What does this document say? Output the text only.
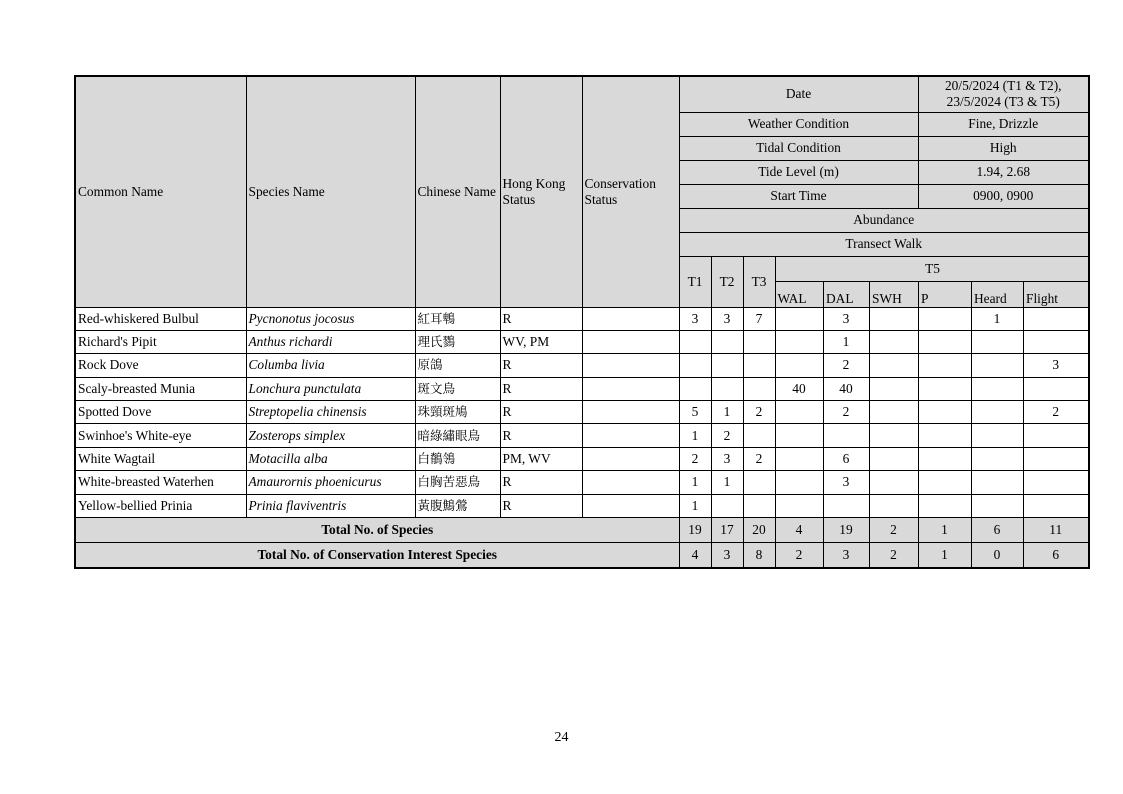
Common Name	Species Name	Chinese Name	Hong Kong Status	Conservation Status	Date	20/5/2024 (T1 & T2), 23/5/2024 (T3 & T5)
Weather Condition	Fine, Drizzle
Tidal Condition	High
Tide Level (m)	1.94, 2.68
Start Time	0900, 0900
Abundance
Transect Walk
T1	T2	T3	
T5
WAL	DAL	SWH	P	Heard	Flight

Red-whiskered Bulbul	Pycnonotus jocosus	紅耳鵯	R		3	3	7		3			1	
Richard's Pipit	Anthus richardi	理氏鷚	WV, PM						1				
Rock Dove	Columba livia	原鴿	R						2				3
Scaly-breasted Munia	Lonchura punctulata	斑文鳥	R					40	40				
Spotted Dove	Streptopelia chinensis	珠頸斑鳩	R		5	1	2		2				2
Swinhoe's White-eye	Zosterops simplex	暗綠繡眼鳥	R		1	2							
White Wagtail	Motacilla alba	白鶺鴒	PM, WV		2	3	2		6				
White-breasted Waterhen	Amaurornis phoenicurus	白胸苦惡鳥	R		1	1			3				
Yellow-bellied Prinia	Prinia flaviventris	黃腹鷦鶯	R		1								
Total No. of Species	19	17	20	4	19	2	1	6	11
Total No. of Conservation Interest Species	4	3	8	2	3	2	1	0	6
24
